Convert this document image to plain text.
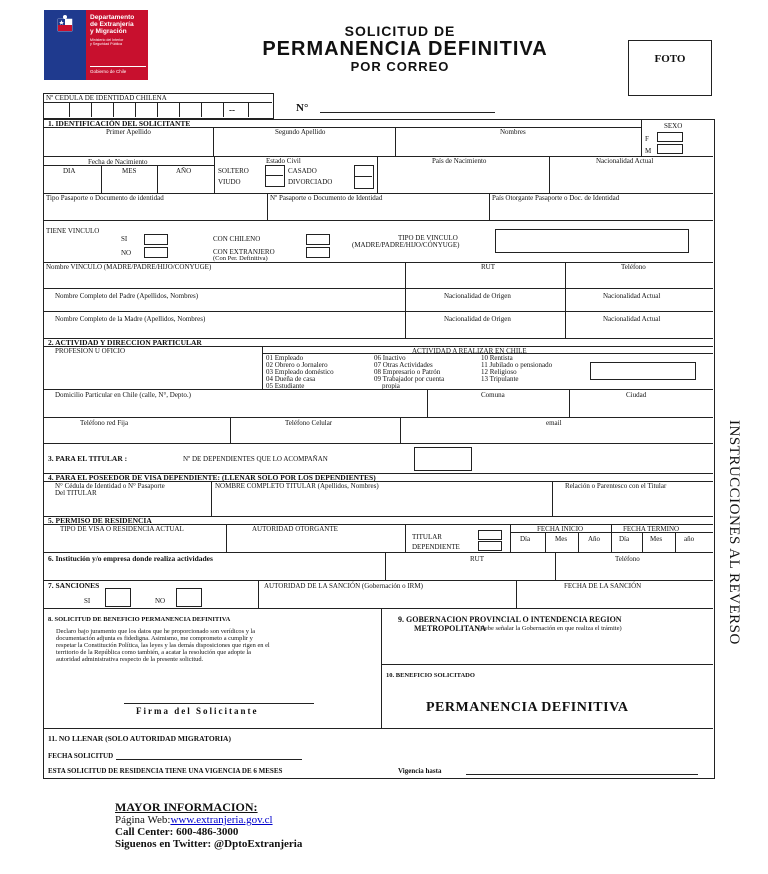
Departamento
de Extranjería
y Migración
Ministerio del Interior
y Seguridad Pública
Gobierno de Chile
SOLICITUD DE
PERMANENCIA DEFINITIVA
POR CORREO	FOTO
Nº CEDULA DE IDENTIDAD CHILENA
--	N°
1. IDENTIFICACIÓN DEL SOLICITANTE
Primer Apellido	Segundo Apellido	Nombres
SEXO
F
M
Fecha de Nacimiento
DIA	MES	AÑO
Estado Civil
SOLTERO
VIUDO
CASADO
DIVORCIADO
País de Nacimiento	Nacionalidad Actual
Tipo Pasaporte o Documento de identidad	Nº Pasaporte o Documento de Identidad	País Otorgante Pasaporte o Doc. de Identidad
TIENE VINCULO
SI
NO
CON CHILENO
CON EXTRANJERO
(Con Per. Definitiva)
TIPO DE VINCULO
(MADRE/PADRE/HIJO/CÓNYUGE)
Nombre VINCULO (MADRE/PADRE/HIJO/CONYUGE)	RUT	Teléfono
Nombre Completo del Padre (Apellidos, Nombres)	Nacionalidad de Origen	Nacionalidad Actual
Nombre Completo de la Madre (Apellidos, Nombres)	Nacionalidad de Origen	Nacionalidad Actual
2. ACTIVIDAD Y DIRECCION PARTICULAR
PROFESION U OFICIO	ACTIVIDAD A REALIZAR EN CHILE
01 Empleado
02 Obrero o Jornalero
03 Empleado doméstico
04 Dueña de casa
05 Estudiante
06 Inactivo
07 Otras Actividades
08 Empresario o Patrón
09 Trabajador por cuenta
propia
10 Rentista
11 Jubilado o pensionado
12 Religioso
13 Tripulante
Domicilio Particular en Chile (calle, N°, Depto.)	Comuna	Ciudad
Teléfono red Fija	Teléfono Celular	email
3. PARA EL TITULAR :	Nº DE DEPENDIENTES QUE LO ACOMPAÑAN
4. PARA EL POSEEDOR DE VISA DEPENDIENTE: (LLENAR SOLO POR LOS DEPENDIENTES)
N° Cédula de Identidad o N° Pasaporte
Del TITULAR
NOMBRE COMPLETO TITULAR (Apellidos, Nombres)	Relación o Parentesco con el Titular
5. PERMISO DE RESIDENCIA
TIPO DE VISA O RESIDENCIA ACTUAL	AUTORIDAD OTORGANTE
TITULAR
DEPENDIENTE
FECHA INICIO	FECHA TERMINO
Día	Mes	Año	Día	Mes	año
6. Institución y/o empresa donde realiza actividades	RUT	Teléfono
7. SANCIONES
SI	NO
AUTORIDAD DE LA SANCIÓN (Gobernación o IRM)	FECHA DE LA SANCIÓN
8. SOLICITUD DE BENEFICIO PERMANENCIA DEFINITIVA
Declaro bajo juramento que los datos que he proporcionado son verídicos y la
documentación adjunta es fidedigna. Asimismo, me comprometo a cumplir y
respetar la Constitución Política, las leyes y las demás disposiciones que rigen en el
territorio de la República como también, a acatar la resolución que adopte la
autoridad administrativa respecto de la presente solicitud.
Firma del Solicitante
9. GOBERNACION PROVINCIAL O INTENDENCIA REGION
METROPOLITANA
(Debe señalar la Gobernación en que realiza el trámite)
10. BENEFICIO SOLICITADO
PERMANENCIA DEFINITIVA
11. NO LLENAR (SOLO AUTORIDAD MIGRATORIA)
FECHA SOLICITUD
ESTA SOLICITUD DE RESIDENCIA TIENE UNA VIGENCIA DE 6 MESES	Vigencia hasta
INSTRUCCIONES AL REVERSO
MAYOR INFORMACION:
Página Web:www.extranjeria.gov.cl
Call Center: 600-486-3000
Siguenos en Twitter: @DptoExtranjeria
